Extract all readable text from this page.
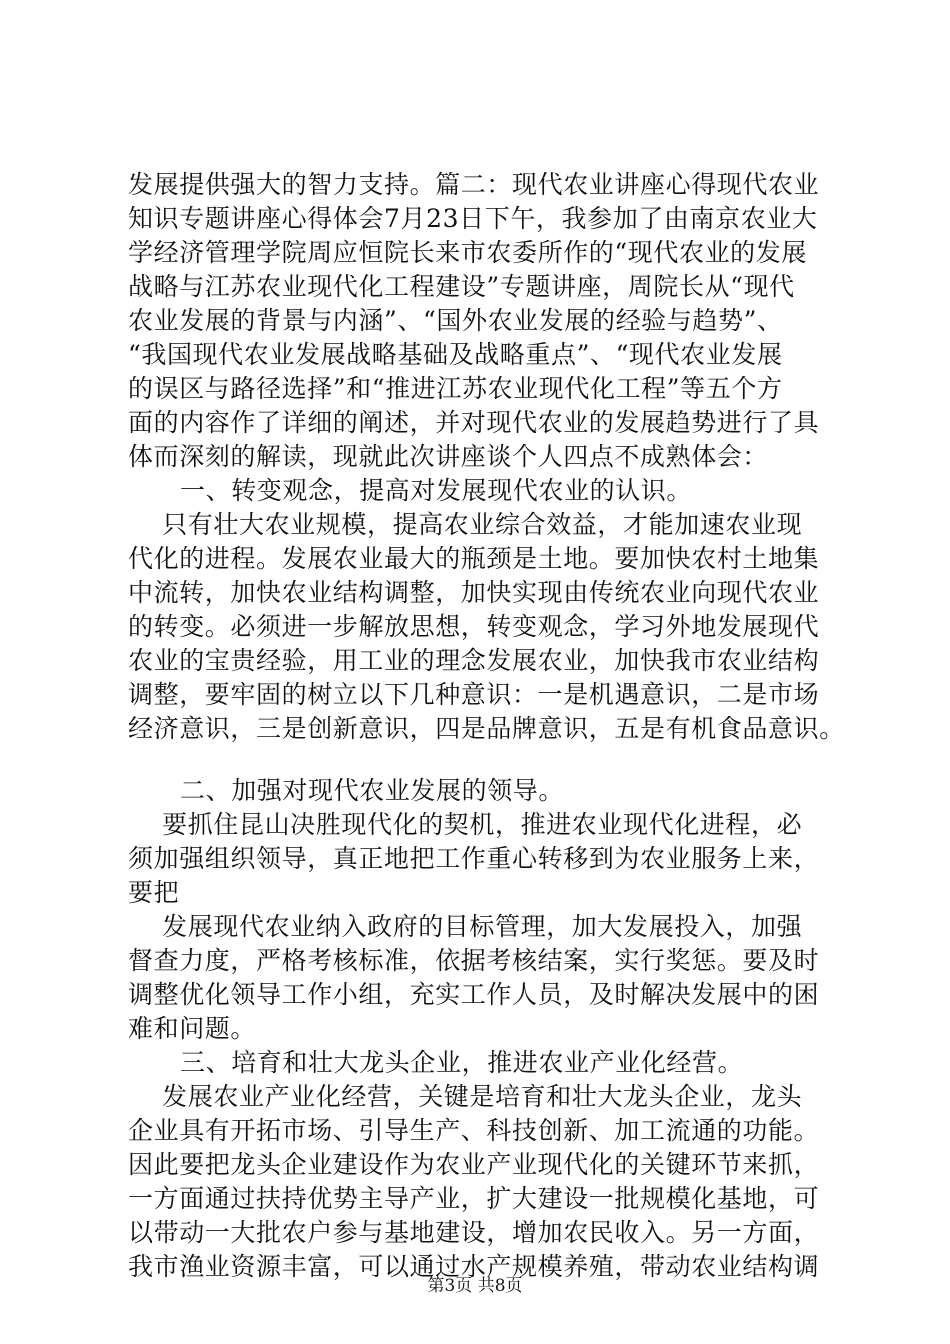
发展提供强大的智力支持。篇二：现代农业讲座心得现代农业
知识专题讲座心得体会7月23日下午，我参加了由南京农业大
学经济管理学院周应恒院长来市农委所作的“现代农业的发展
战略与江苏农业现代化工程建设”专题讲座，周院长从“现代
农业发展的背景与内涵”、“国外农业发展的经验与趋势”、
“我国现代农业发展战略基础及战略重点”、“现代农业发展
的误区与路径选择”和“推进江苏农业现代化工程”等五个方
面的内容作了详细的阐述，并对现代农业的发展趋势进行了具
体而深刻的解读，现就此次讲座谈个人四点不成熟体会：
一、转变观念，提高对发展现代农业的认识。
只有壮大农业规模，提高农业综合效益，才能加速农业现
代化的进程。发展农业最大的瓶颈是土地。要加快农村土地集
中流转，加快农业结构调整，加快实现由传统农业向现代农业
的转变。必须进一步解放思想，转变观念，学习外地发展现代
农业的宝贵经验，用工业的理念发展农业，加快我市农业结构
调整，要牢固的树立以下几种意识：一是机遇意识，二是市场
经济意识，三是创新意识，四是品牌意识，五是有机食品意识。
二、加强对现代农业发展的领导。
要抓住昆山决胜现代化的契机，推进农业现代化进程，必
须加强组织领导，真正地把工作重心转移到为农业服务上来，
要把
发展现代农业纳入政府的目标管理，加大发展投入，加强
督查力度，严格考核标准，依据考核结案，实行奖惩。要及时
调整优化领导工作小组，充实工作人员，及时解决发展中的困
难和问题。
三、培育和壮大龙头企业，推进农业产业化经营。
发展农业产业化经营，关键是培育和壮大龙头企业，龙头
企业具有开拓市场、引导生产、科技创新、加工流通的功能。
因此要把龙头企业建设作为农业产业现代化的关键环节来抓，
一方面通过扶持优势主导产业，扩大建设一批规模化基地，可
以带动一大批农户参与基地建设，增加农民收入。另一方面，
我市渔业资源丰富，可以通过水产规模养殖，带动农业结构调
第3页 共8页
